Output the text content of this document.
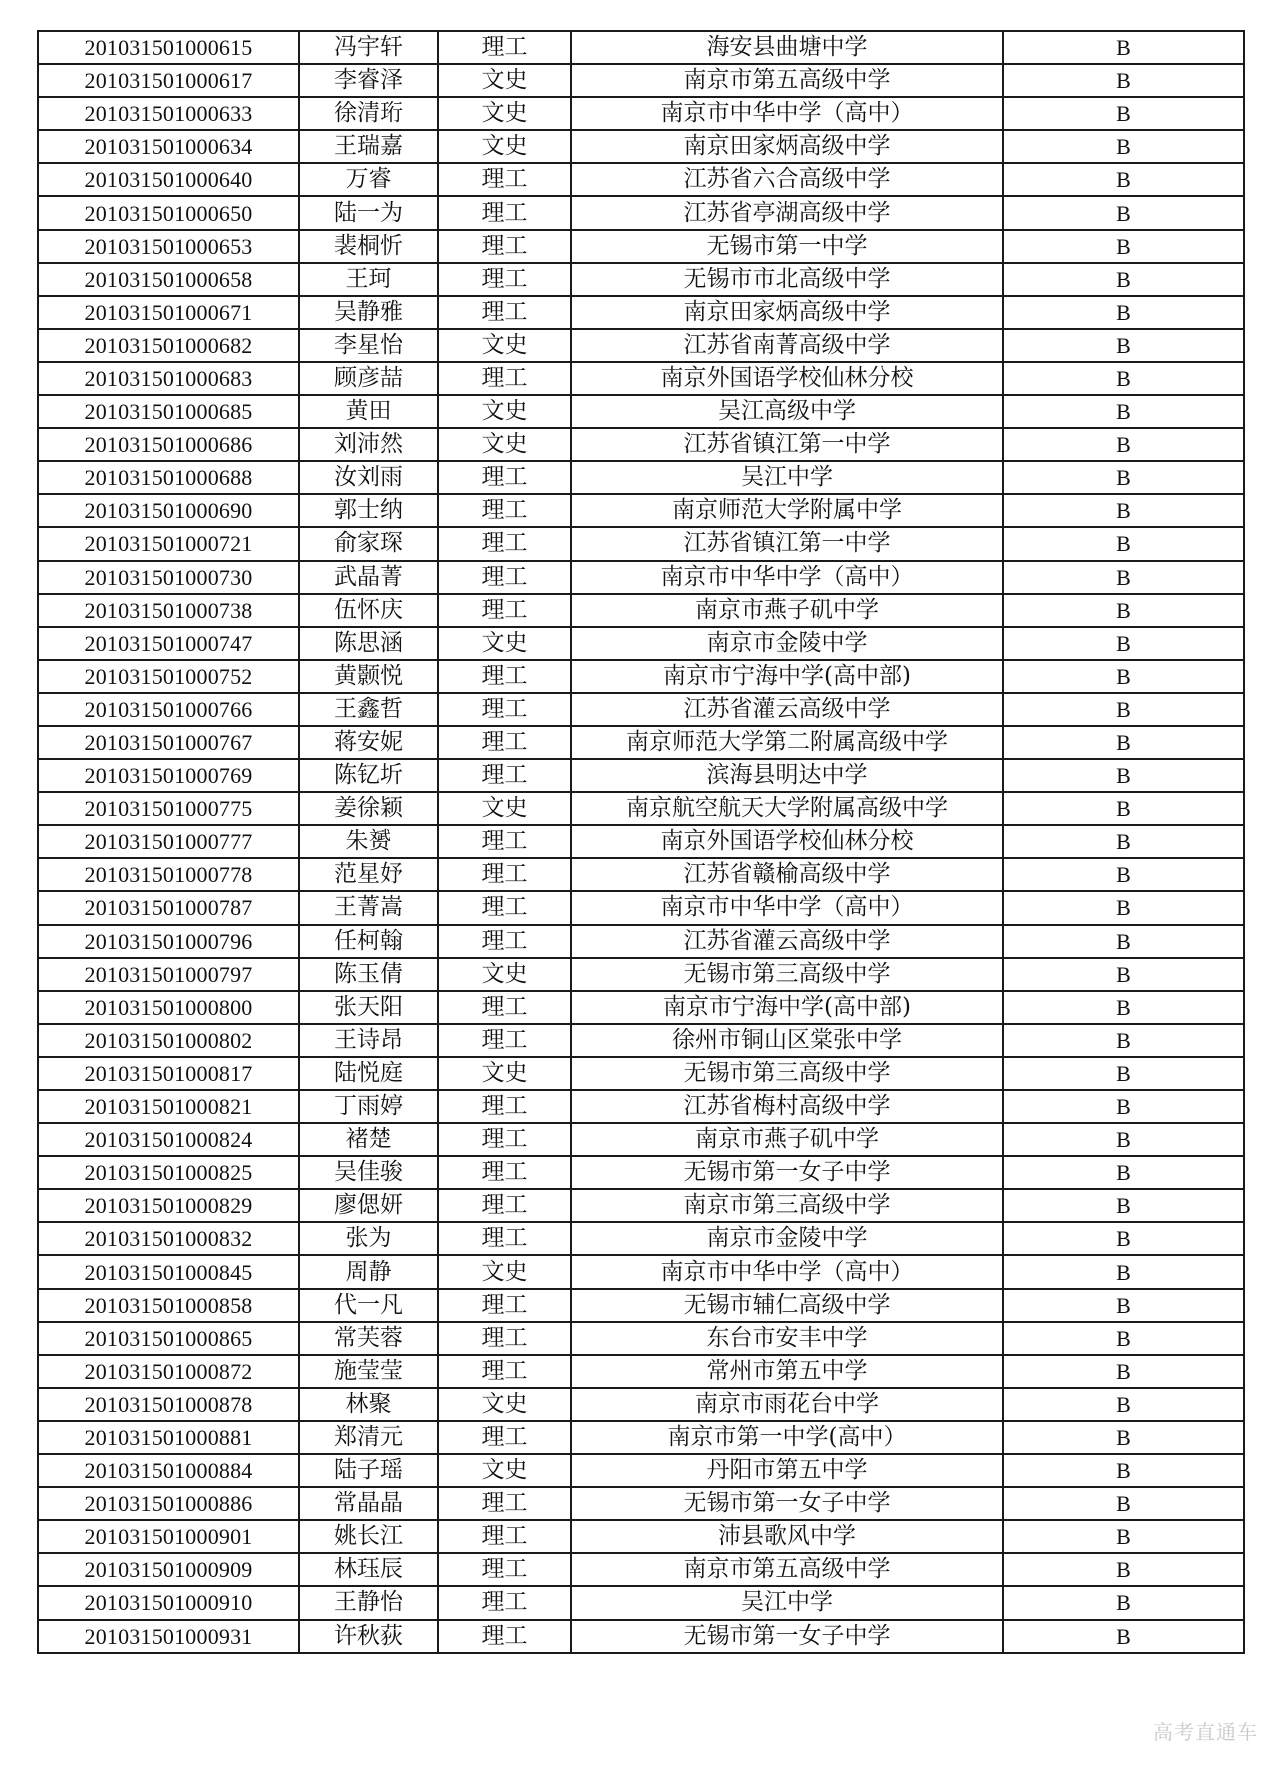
201031501000615	冯宇轩	理工	海安县曲塘中学	B
201031501000617	李睿泽	文史	南京市第五高级中学	B
201031501000633	徐清珩	文史	南京市中华中学（高中）	B
201031501000634	王瑞嘉	文史	南京田家炳高级中学	B
201031501000640	万睿	理工	江苏省六合高级中学	B
201031501000650	陆一为	理工	江苏省亭湖高级中学	B
201031501000653	裴桐忻	理工	无锡市第一中学	B
201031501000658	王珂	理工	无锡市市北高级中学	B
201031501000671	吴静雅	理工	南京田家炳高级中学	B
201031501000682	李星怡	文史	江苏省南菁高级中学	B
201031501000683	顾彦喆	理工	南京外国语学校仙林分校	B
201031501000685	黄田	文史	吴江高级中学	B
201031501000686	刘沛然	文史	江苏省镇江第一中学	B
201031501000688	汝刘雨	理工	吴江中学	B
201031501000690	郭士纳	理工	南京师范大学附属中学	B
201031501000721	俞家琛	理工	江苏省镇江第一中学	B
201031501000730	武晶菁	理工	南京市中华中学（高中）	B
201031501000738	伍怀庆	理工	南京市燕子矶中学	B
201031501000747	陈思涵	文史	南京市金陵中学	B
201031501000752	黄颢悦	理工	南京市宁海中学(高中部)	B
201031501000766	王鑫哲	理工	江苏省灌云高级中学	B
201031501000767	蒋安妮	理工	南京师范大学第二附属高级中学	B
201031501000769	陈钇圻	理工	滨海县明达中学	B
201031501000775	姜徐颖	文史	南京航空航天大学附属高级中学	B
201031501000777	朱赟	理工	南京外国语学校仙林分校	B
201031501000778	范星妤	理工	江苏省赣榆高级中学	B
201031501000787	王菁嵩	理工	南京市中华中学（高中）	B
201031501000796	任柯翰	理工	江苏省灌云高级中学	B
201031501000797	陈玉倩	文史	无锡市第三高级中学	B
201031501000800	张天阳	理工	南京市宁海中学(高中部)	B
201031501000802	王诗昂	理工	徐州市铜山区棠张中学	B
201031501000817	陆悦庭	文史	无锡市第三高级中学	B
201031501000821	丁雨婷	理工	江苏省梅村高级中学	B
201031501000824	褚楚	理工	南京市燕子矶中学	B
201031501000825	吴佳骏	理工	无锡市第一女子中学	B
201031501000829	廖偲妍	理工	南京市第三高级中学	B
201031501000832	张为	理工	南京市金陵中学	B
201031501000845	周静	文史	南京市中华中学（高中）	B
201031501000858	代一凡	理工	无锡市辅仁高级中学	B
201031501000865	常芙蓉	理工	东台市安丰中学	B
201031501000872	施莹莹	理工	常州市第五中学	B
201031501000878	林聚	文史	南京市雨花台中学	B
201031501000881	郑清元	理工	南京市第一中学(高中）	B
201031501000884	陆子瑶	文史	丹阳市第五中学	B
201031501000886	常晶晶	理工	无锡市第一女子中学	B
201031501000901	姚长江	理工	沛县歌风中学	B
201031501000909	林珏辰	理工	南京市第五高级中学	B
201031501000910	王静怡	理工	吴江中学	B
201031501000931	许秋荻	理工	无锡市第一女子中学	B
高考直通车
